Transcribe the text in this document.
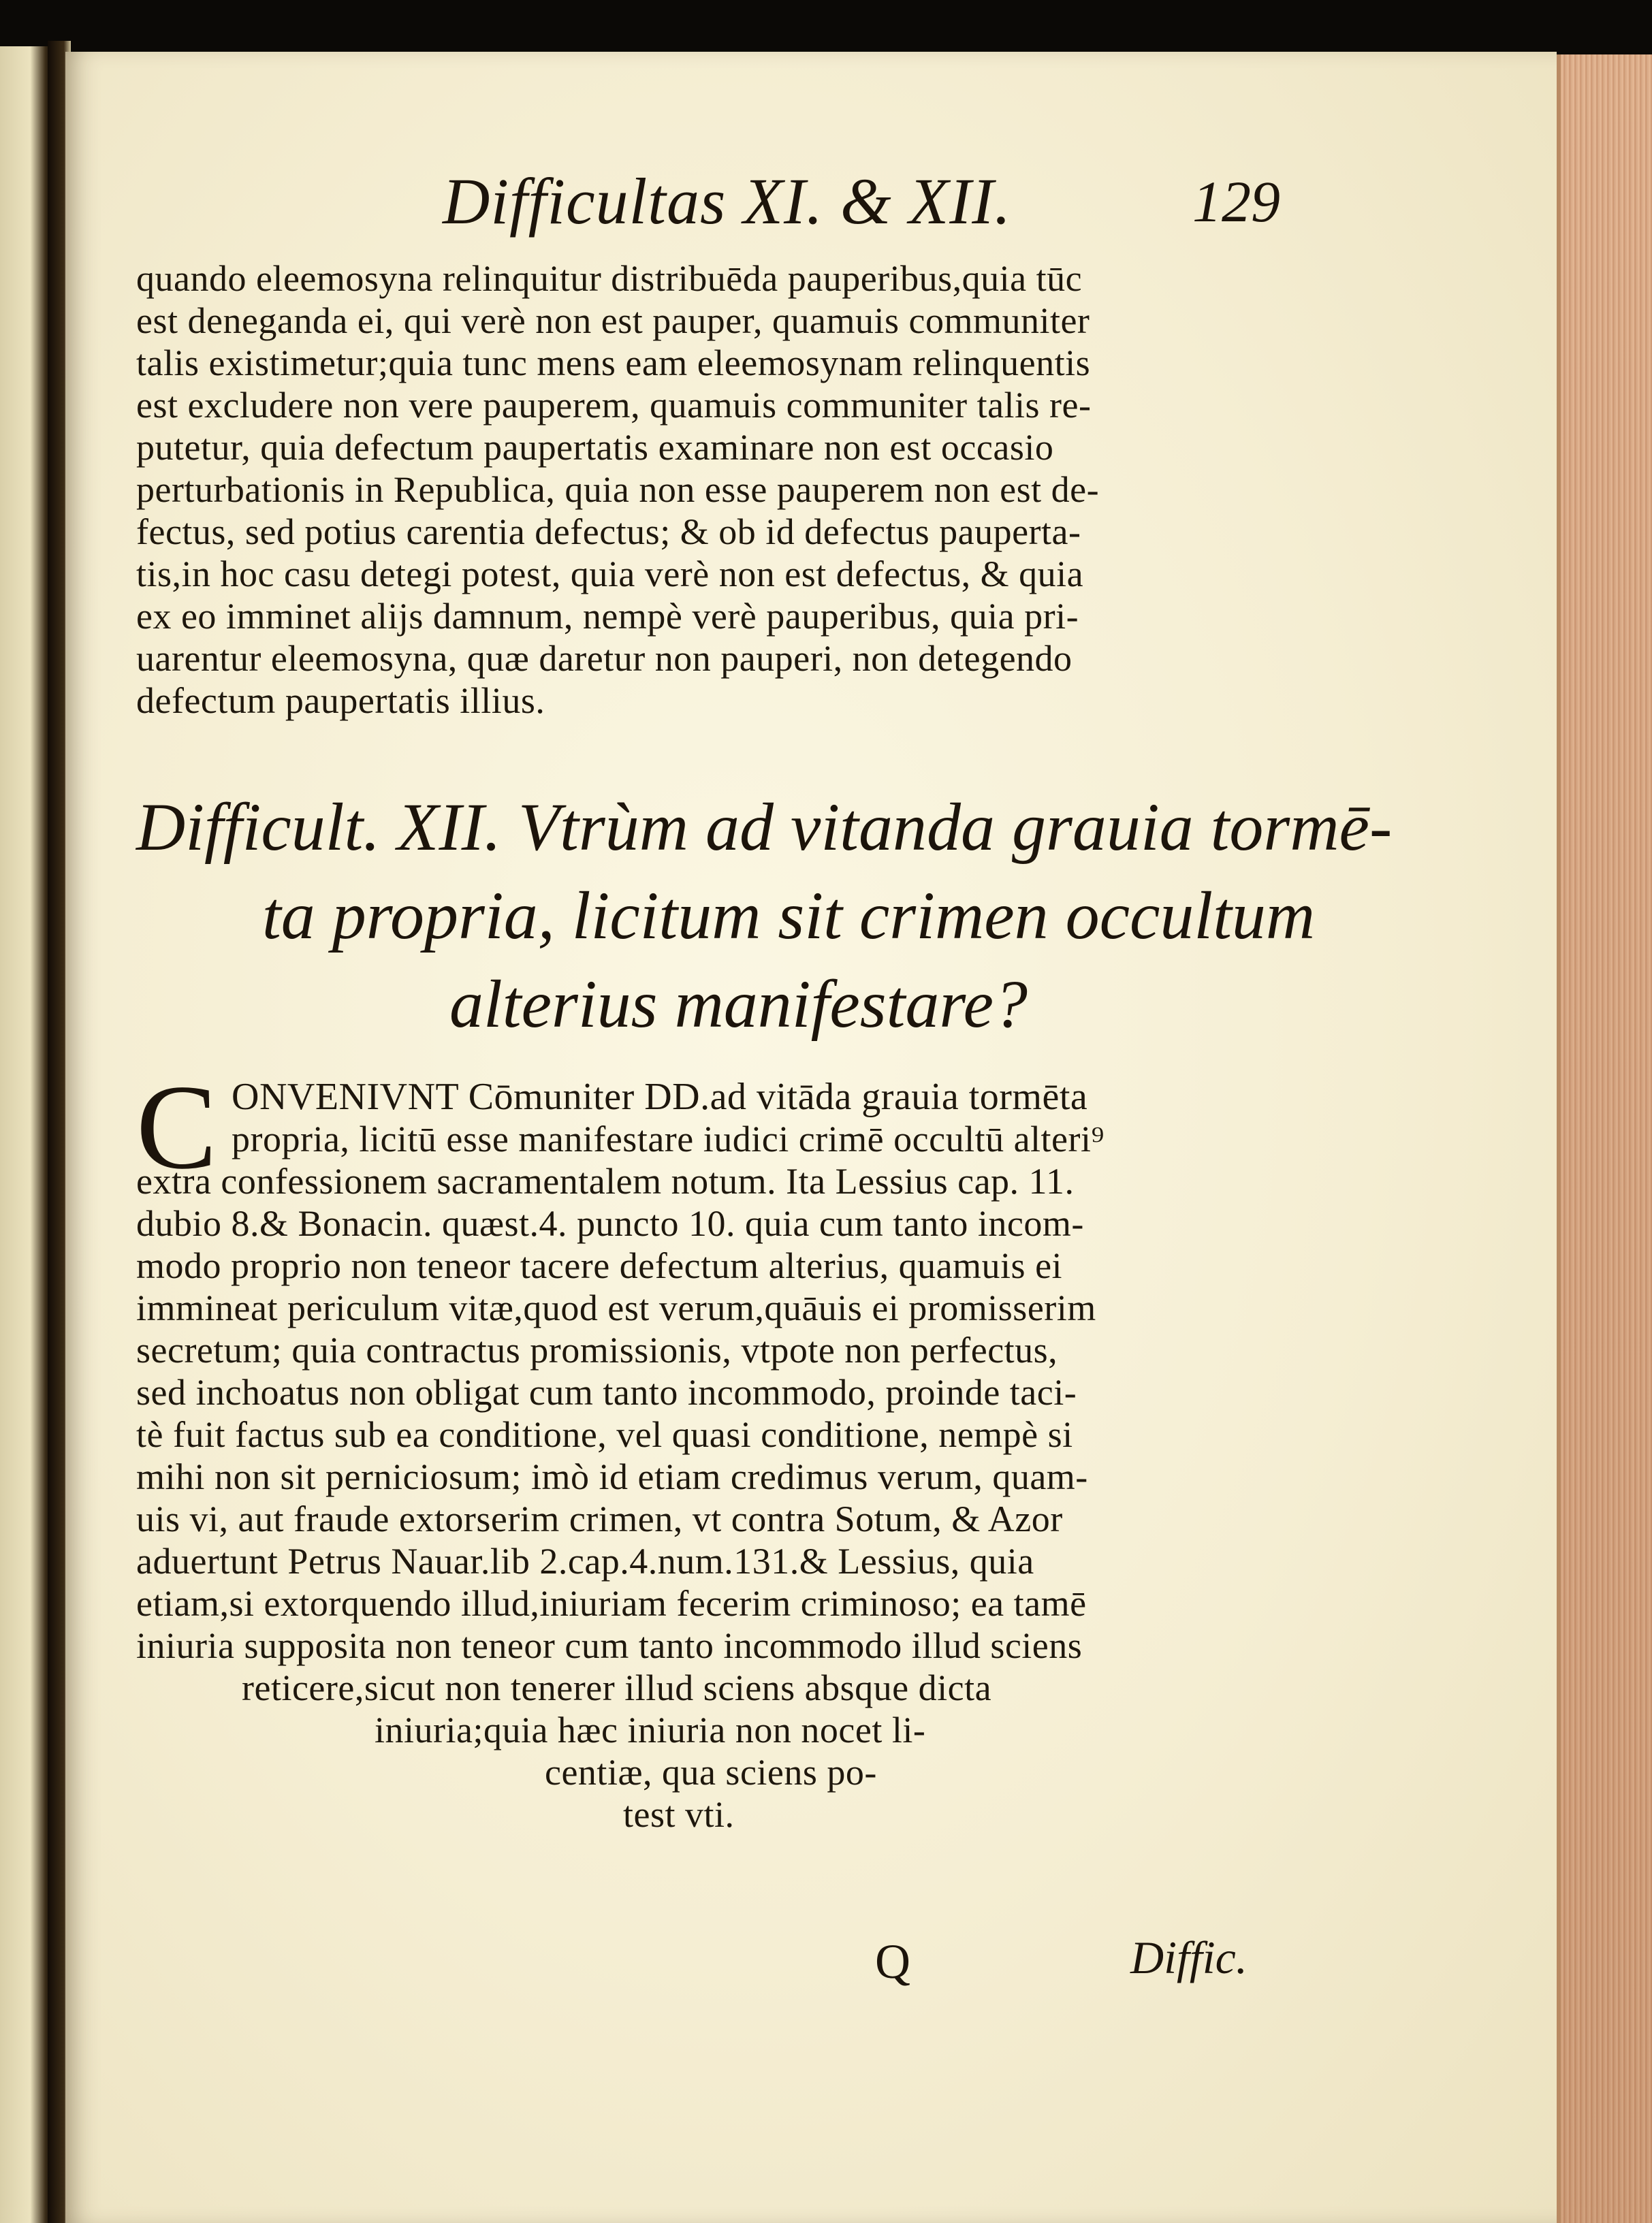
Difficultas XI. & XII.	129
quando eleemosyna relinquitur distribuēda pauperibus,quia tūc
est deneganda ei, qui verè non est pauper, quamuis communiter
talis existimetur;quia tunc mens eam eleemosynam relinquentis
est excludere non vere pauperem, quamuis communiter talis re-
putetur, quia defectum paupertatis examinare non est occasio
perturbationis in Republica, quia non esse pauperem non est de-
fectus, sed potius carentia defectus; & ob id defectus pauperta-
tis,in hoc casu detegi potest, quia verè non est defectus, & quia
ex eo imminet alijs damnum, nempè verè pauperibus, quia pri-
uarentur eleemosyna, quæ daretur non pauperi, non detegendo
defectum paupertatis illius.
Difficult. XII. Vtrùm ad vitanda grauia tormē-
ta propria, licitum sit crimen occultum
alterius manifestare?
C ONVENIVNT Cōmuniter DD.ad vitāda grauia tormēta
propria, licitū esse manifestare iudici crimē occultū alteri⁹
extra confessionem sacramentalem notum. Ita Lessius cap. 11.
dubio 8.& Bonacin. quæst.4. puncto 10. quia cum tanto incom-
modo proprio non teneor tacere defectum alterius, quamuis ei
immineat periculum vitæ,quod est verum,quāuis ei promisserim
secretum; quia contractus promissionis, vtpote non perfectus,
sed inchoatus non obligat cum tanto incommodo, proinde taci-
tè fuit factus sub ea conditione, vel quasi conditione, nempè si
mihi non sit perniciosum; imò id etiam credimus verum, quam-
uis vi, aut fraude extorserim crimen, vt contra Sotum, & Azor
aduertunt Petrus Nauar.lib 2.cap.4.num.131.& Lessius, quia
etiam,si extorquendo illud,iniuriam fecerim criminoso; ea tamē
iniuria supposita non teneor cum tanto incommodo illud sciens
reticere,sicut non tenerer illud sciens absque dicta
iniuria;quia hæc iniuria non nocet li-
centiæ, qua sciens po-
test vti.
Q	Diffic.
